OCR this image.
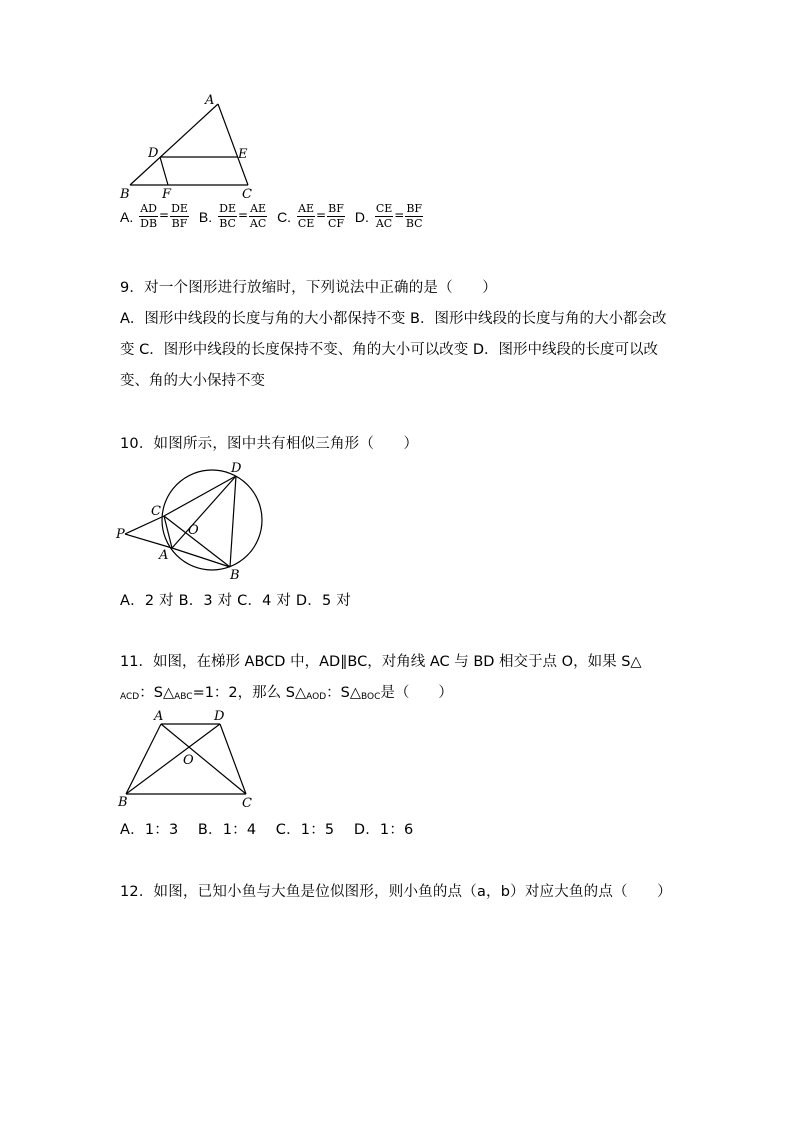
A
D	E
B F	C
A. $\frac{AD}{DB} = \frac{DE}{BF} B$. $\frac{DE}{BC} = \frac{AE}{AC} C$. $\frac{AE}{CE} = \frac{BF}{CF} D$. $\frac{CE}{AC} = \frac{BF}{BC}$
9．对一个图形进行放缩时，下列说法中正确的是（　　）
A．图形中线段的长度与角的大小都保持不变 B．图形中线段的长度与角的大小都会改变 C．图形中线段的长度保持不变、角的大小可以改变 D．图形中线段的长度可以改变、角的大小保持不变
10．如图所示，图中共有相似三角形（　　）
D
C
O
P
A
B
A．2 对 B．3 对 C．4 对 D．5 对
11．如图，在梯形 ABCD 中，AD∥BC，对角线 AC 与 BD 相交于点 O，如果 S△
$_{ACD}$：$S\triangle_{ABC}=1$：2，那么 $S\triangle_{AOD}$：$S\triangle_{BOC}$是（　　）
A	D
O
B	C
A．1：3　 B．1：4　 C．1：5　 D．1：6
12．如图，已知小鱼与大鱼是位似图形，则小鱼的点（a，b）对应大鱼的点（　　）
